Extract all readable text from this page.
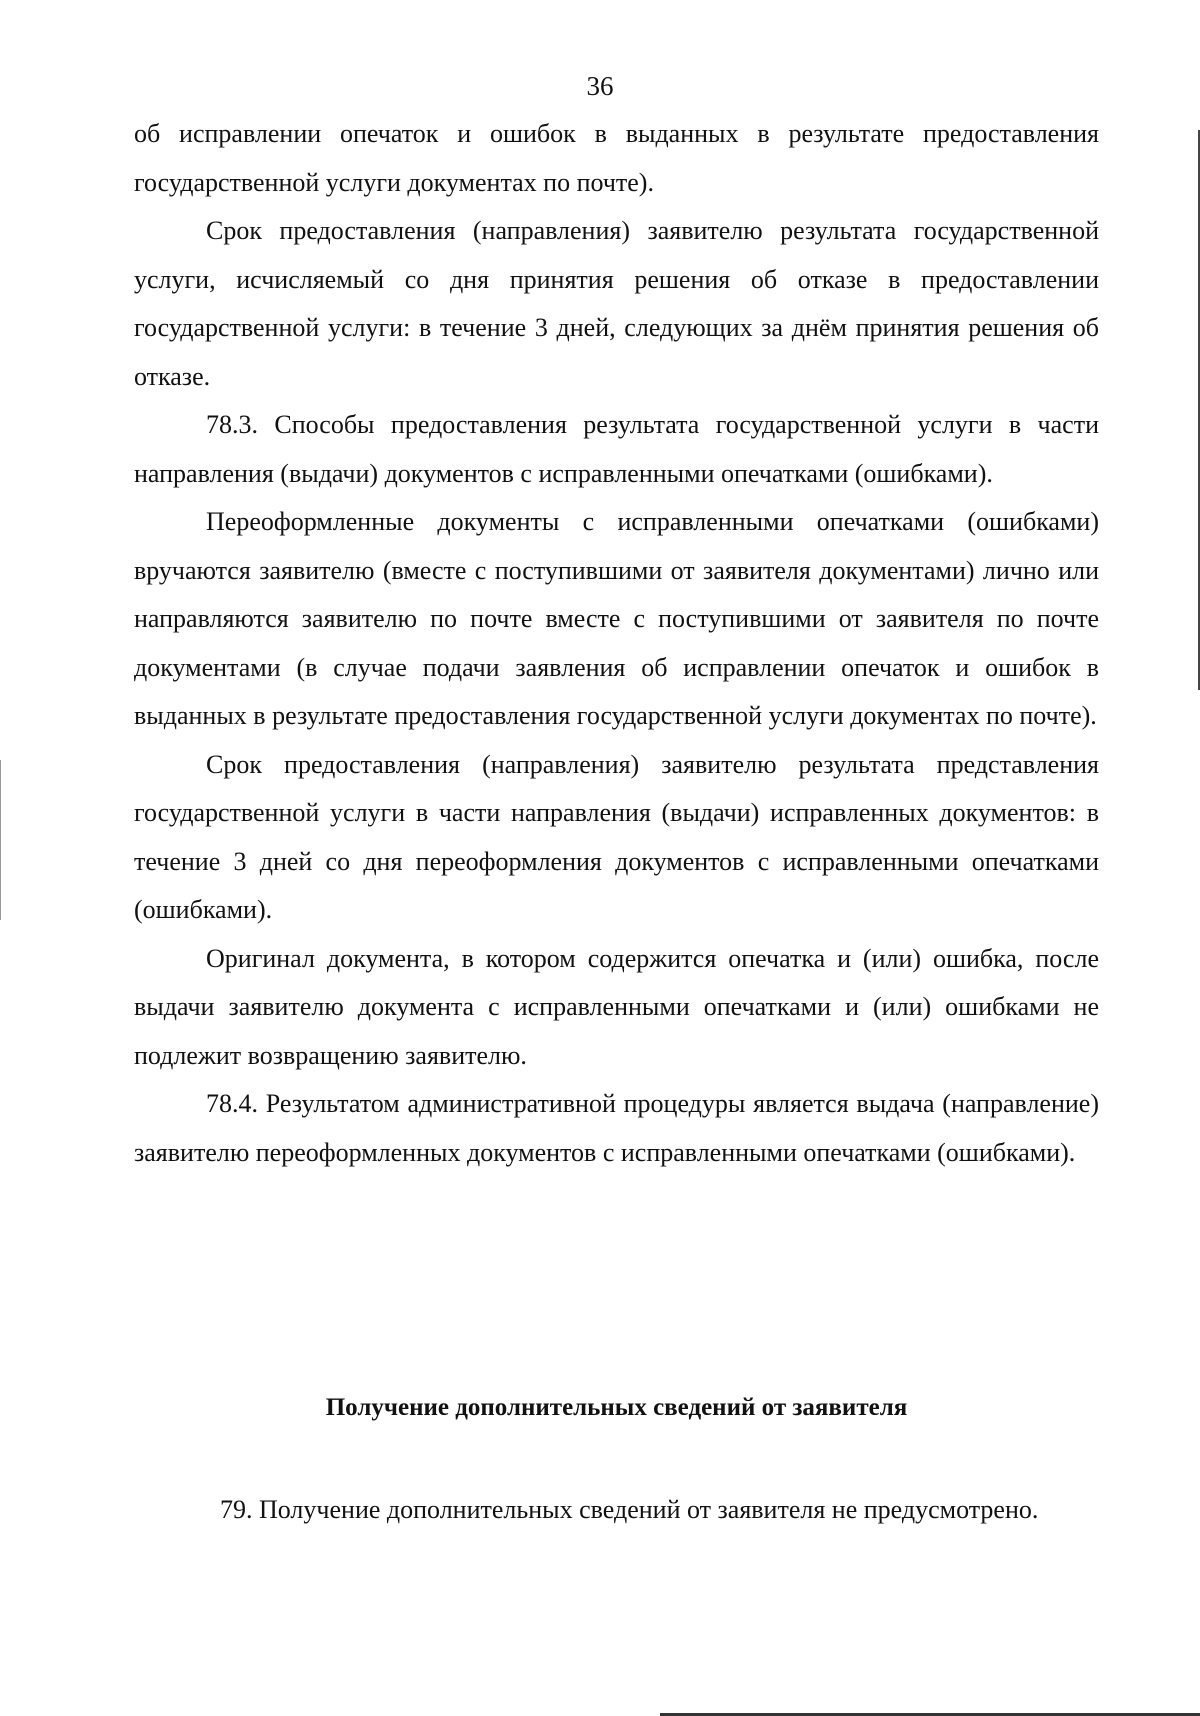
36

об исправлении опечаток и ошибок в выданных в результате предоставления государственной услуги документах по почте).

Срок предоставления (направления) заявителю результата государственной услуги, исчисляемый со дня принятия решения об отказе в предоставлении государственной услуги: в течение 3 дней, следующих за днём принятия решения об отказе.

78.3. Способы предоставления результата государственной услуги в части направления (выдачи) документов с исправленными опечатками (ошибками).

Переоформленные документы с исправленными опечатками (ошибками) вручаются заявителю (вместе с поступившими от заявителя документами) лично или направляются заявителю по почте вместе с поступившими от заявителя по почте документами (в случае подачи заявления об исправлении опечаток и ошибок в выданных в результате предоставления государственной услуги документах по почте).

Срок предоставления (направления) заявителю результата представления государственной услуги в части направления (выдачи) исправленных документов: в течение 3 дней со дня переоформления документов с исправленными опечатками (ошибками).

Оригинал документа, в котором содержится опечатка и (или) ошибка, после выдачи заявителю документа с исправленными опечатками и (или) ошибками не подлежит возвращению заявителю.

78.4. Результатом административной процедуры является выдача (направление) заявителю переоформленных документов с исправленными опечатками (ошибками).

Получение дополнительных сведений от заявителя
79. Получение дополнительных сведений от заявителя не предусмотрено.
